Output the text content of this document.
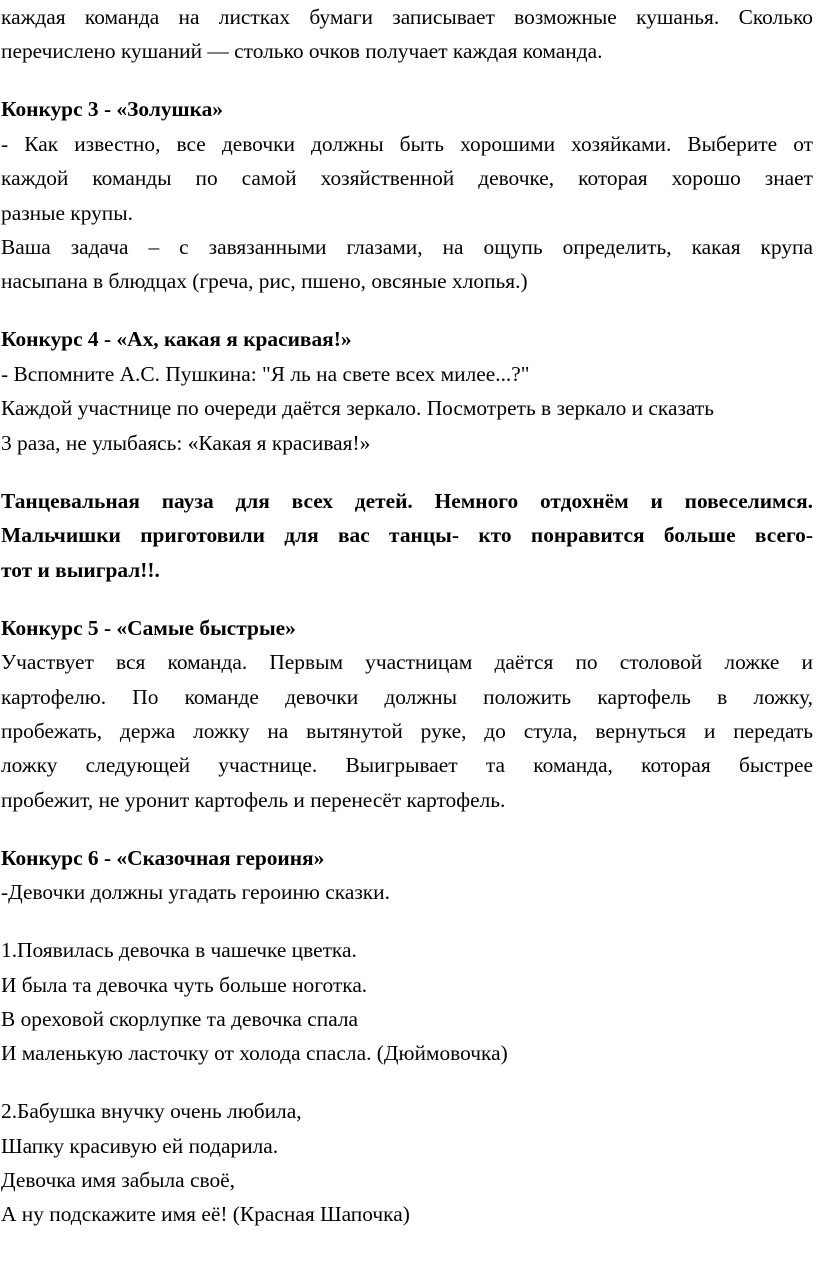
каждая команда на листках бумаги записывает возможные кушанья. Сколько
перечислено кушаний — столько очков получает каждая команда.
Конкурс 3 - «Золушка»
- Как известно, все девочки должны быть хорошими хозяйками. Выберите от
каждой команды по самой хозяйственной девочке, которая хорошо знает
разные крупы.
Ваша задача – с завязанными глазами, на ощупь определить, какая крупа
насыпана в блюдцах (греча, рис, пшено, овсяные хлопья.)
Конкурс 4 - «Ах, какая я красивая!»
- Вспомните А.С. Пушкина: "Я ль на свете всех милее...?"
Каждой участнице по очереди даётся зеркало. Посмотреть в зеркало и сказать
3 раза, не улыбаясь: «Какая я красивая!»
Танцевальная пауза для всех детей. Немного отдохнём и повеселимся.
Мальчишки приготовили для вас танцы- кто понравится больше всего-
тот и выиграл!!.
Конкурс 5 - «Самые быстрые»
Участвует вся команда. Первым участницам даётся по столовой ложке и
картофелю. По команде девочки должны положить картофель в ложку,
пробежать, держа ложку на вытянутой руке, до стула, вернуться и передать
ложку следующей участнице. Выигрывает та команда, которая быстрее
пробежит, не уронит картофель и перенесёт картофель.
Конкурс 6 - «Сказочная героиня»
-Девочки должны угадать героиню сказки.
1.Появилась девочка в чашечке цветка.
И была та девочка чуть больше ноготка.
В ореховой скорлупке та девочка спала
И маленькую ласточку от холода спасла. (Дюймовочка)
2.Бабушка внучку очень любила,
Шапку красивую ей подарила.
Девочка имя забыла своё,
А ну подскажите имя её! (Красная Шапочка)
